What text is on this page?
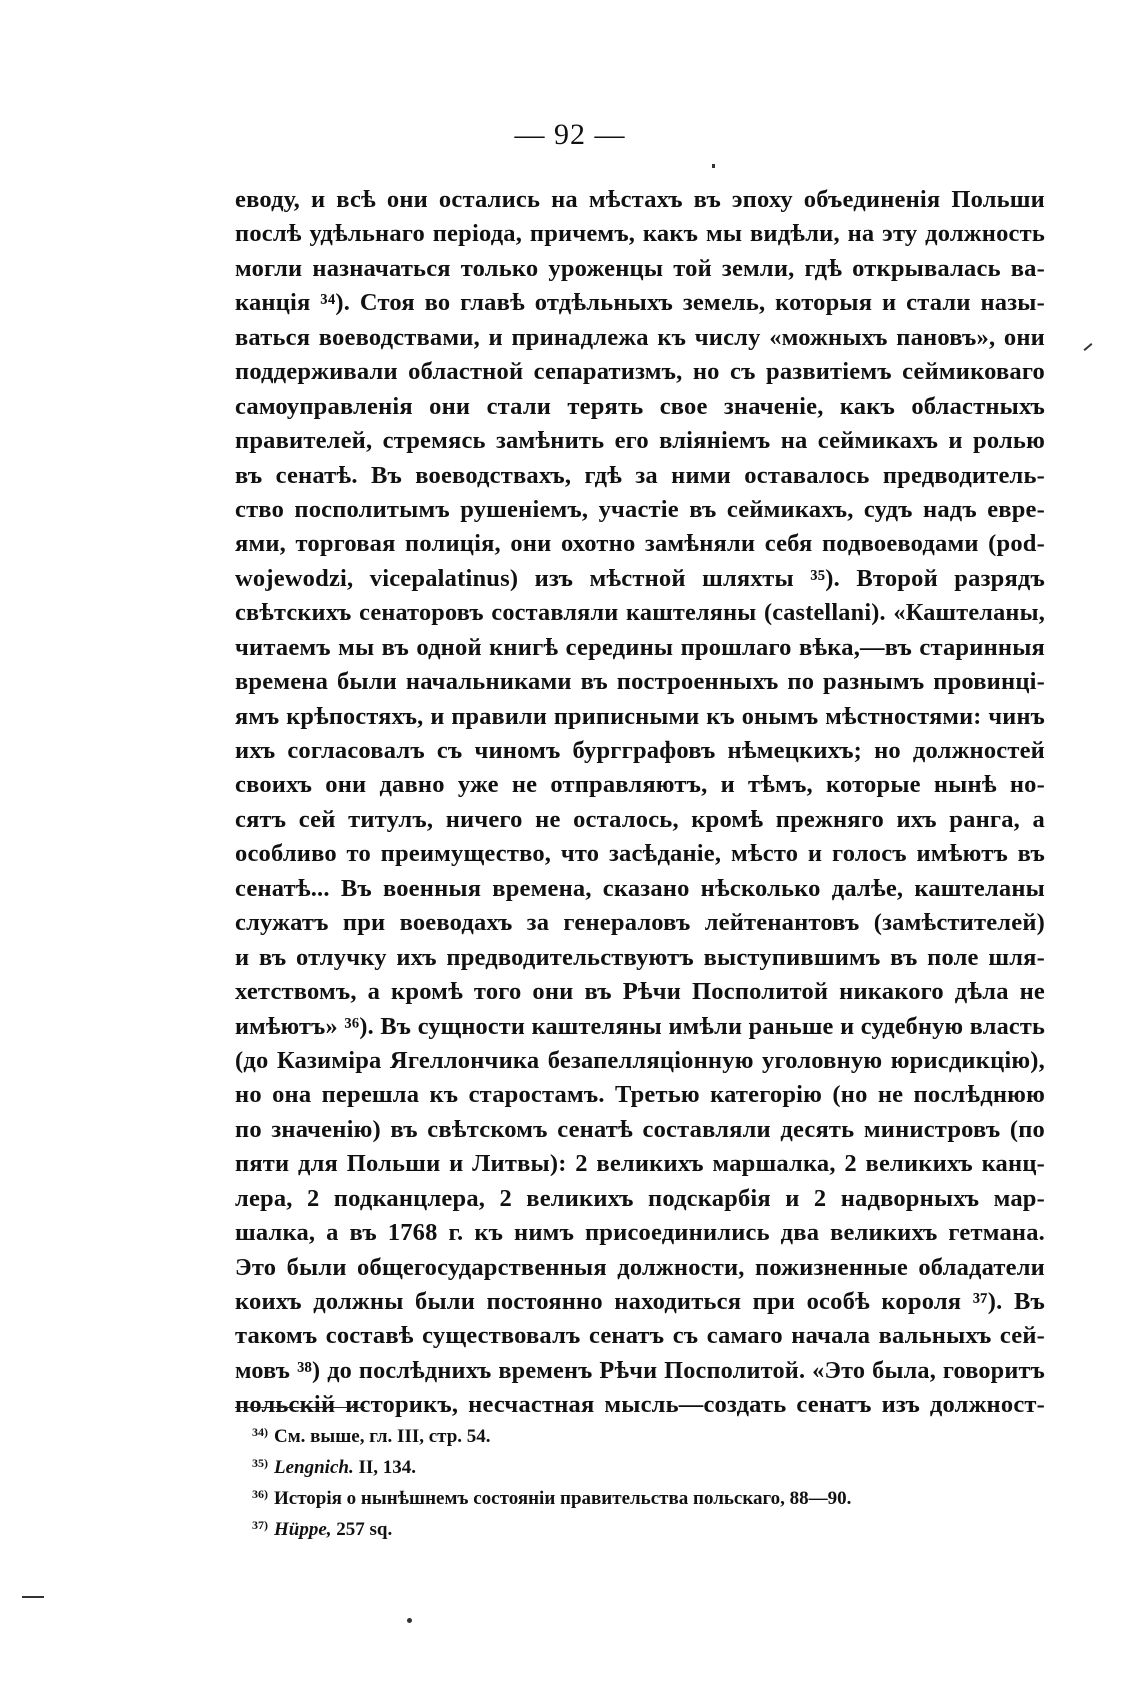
— 92 —
еводу, и всѣ они остались на мѣстахъ въ эпоху объединенія Польши
послѣ удѣльнаго періода, причемъ, какъ мы видѣли, на эту должность
могли назначаться только уроженцы той земли, гдѣ открывалась ва-
канція ³⁴). Стоя во главѣ отдѣльныхъ земель, которыя и стали назы-
ваться воеводствами, и принадлежа къ числу «можныхъ пановъ», они
поддерживали областной сепаратизмъ, но съ развитіемъ сеймиковаго
самоуправленія они стали терять свое значеніе, какъ областныхъ
правителей, стремясь замѣнить его вліяніемъ на сеймикахъ и ролью
въ сенатѣ. Въ воеводствахъ, гдѣ за ними оставалось предводитель-
ство посполитымъ рушеніемъ, участіе въ сеймикахъ, судъ надъ евре-
ями, торговая полиція, они охотно замѣняли себя подвоеводами (pod-
wojewodzi, vicepalatinus) изъ мѣстной шляхты ³⁵). Второй разрядъ
свѣтскихъ сенаторовъ составляли каштеляны (castellani). «Каштеланы,
читаемъ мы въ одной книгѣ середины прошлаго вѣка,—въ старинныя
времена были начальниками въ построенныхъ по разнымъ провинці-
ямъ крѣпостяхъ, и правили приписными къ онымъ мѣстностями: чинъ
ихъ согласовалъ съ чиномъ бургграфовъ нѣмецкихъ; но должностей
своихъ они давно уже не отправляютъ, и тѣмъ, которые нынѣ но-
сятъ сей титулъ, ничего не осталось, кромѣ прежняго ихъ ранга, а
особливо то преимущество, что засѣданіе, мѣсто и голосъ имѣютъ въ
сенатѣ... Въ военныя времена, сказано нѣсколько далѣе, каштеланы
служатъ при воеводахъ за генераловъ лейтенантовъ (замѣстителей)
и въ отлучку ихъ предводительствуютъ выступившимъ въ поле шля-
хетствомъ, а кромѣ того они въ Рѣчи Посполитой никакого дѣла не
имѣютъ» ³⁶). Въ сущности каштеляны имѣли раньше и судебную власть
(до Казиміра Ягеллончика безапелляціонную уголовную юрисдикцію),
но она перешла къ старостамъ. Третью категорію (но не послѣднюю
по значенію) въ свѣтскомъ сенатѣ составляли десять министровъ (по
пяти для Польши и Литвы): 2 великихъ маршалка, 2 великихъ канц-
лера, 2 подканцлера, 2 великихъ подскарбія и 2 надворныхъ мар-
шалка, а въ 1768 г. къ нимъ присоединились два великихъ гетмана.
Это были общегосударственныя должности, пожизненные обладатели
коихъ должны были постоянно находиться при особѣ короля ³⁷). Въ
такомъ составѣ существовалъ сенатъ съ самаго начала вальныхъ сей-
мовъ ³⁸) до послѣднихъ временъ Рѣчи Посполитой. «Это была, говоритъ
польскій историкъ, несчастная мысль—создать сенатъ изъ должност-
$^{34)}$ См. выше, гл. III, стр. 54.
$^{35)}$ Lengnich. II, 134.
$^{36)}$ Исторія о нынѣшнемъ состояніи правительства польскаго, 88—90.
$^{37)}$ Hüppe, 257 sq.
